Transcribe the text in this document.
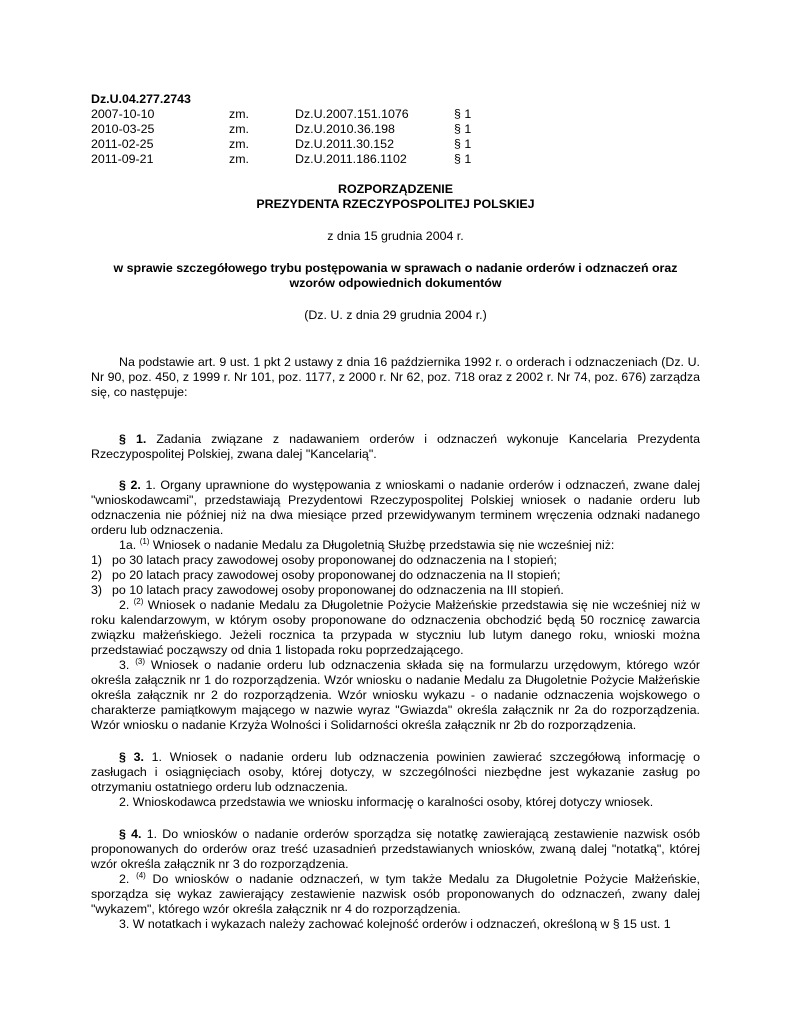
Dz.U.04.277.2743
2007-10-10	zm.	Dz.U.2007.151.1076	§ 1
2010-03-25	zm.	Dz.U.2010.36.198	§ 1
2011-02-25	zm.	Dz.U.2011.30.152	§ 1
2011-09-21	zm.	Dz.U.2011.186.1102	§ 1
ROZPORZĄDZENIE
PREZYDENTA RZECZYPOSPOLITEJ POLSKIEJ
z dnia 15 grudnia 2004 r.
w sprawie szczegółowego trybu postępowania w sprawach o nadanie orderów i odznaczeń oraz wzorów odpowiednich dokumentów
(Dz. U. z dnia 29 grudnia 2004 r.)

Na podstawie art. 9 ust. 1 pkt 2 ustawy z dnia 16 października 1992 r. o orderach i odznaczeniach (Dz. U. Nr 90, poz. 450, z 1999 r. Nr 101, poz. 1177, z 2000 r. Nr 62, poz. 718 oraz z 2002 r. Nr 74, poz. 676) zarządza się, co następuje:

§ 1. Zadania związane z nadawaniem orderów i odznaczeń wykonuje Kancelaria Prezydenta Rzeczypospolitej Polskiej, zwana dalej "Kancelarią".

§ 2. 1. Organy uprawnione do występowania z wnioskami o nadanie orderów i odznaczeń, zwane dalej "wnioskodawcami", przedstawiają Prezydentowi Rzeczypospolitej Polskiej wniosek o nadanie orderu lub odznaczenia nie później niż na dwa miesiące przed przewidywanym terminem wręczenia odznaki nadanego orderu lub odznaczenia.

1a. $^{(1)}$ Wniosek o nadanie Medalu za Długoletnią Służbę przedstawia się nie wcześniej niż:

1) po 30 latach pracy zawodowej osoby proponowanej do odznaczenia na I stopień;

2) po 20 latach pracy zawodowej osoby proponowanej do odznaczenia na II stopień;

3) po 10 latach pracy zawodowej osoby proponowanej do odznaczenia na III stopień.

2. $^{(2)}$ Wniosek o nadanie Medalu za Długoletnie Pożycie Małżeńskie przedstawia się nie wcześniej niż w roku kalendarzowym, w którym osoby proponowane do odznaczenia obchodzić będą 50 rocznicę zawarcia związku małżeńskiego. Jeżeli rocznica ta przypada w styczniu lub lutym danego roku, wnioski można przedstawiać począwszy od dnia 1 listopada roku poprzedzającego.

3. $^{(3)}$ Wniosek o nadanie orderu lub odznaczenia składa się na formularzu urzędowym, którego wzór określa załącznik nr 1 do rozporządzenia. Wzór wniosku o nadanie Medalu za Długoletnie Pożycie Małżeńskie określa załącznik nr 2 do rozporządzenia. Wzór wniosku wykazu - o nadanie odznaczenia wojskowego o charakterze pamiątkowym mającego w nazwie wyraz "Gwiazda" określa załącznik nr 2a do rozporządzenia. Wzór wniosku o nadanie Krzyża Wolności i Solidarności określa załącznik nr 2b do rozporządzenia.

§ 3. 1. Wniosek o nadanie orderu lub odznaczenia powinien zawierać szczegółową informację o zasługach i osiągnięciach osoby, której dotyczy, w szczególności niezbędne jest wykazanie zasług po otrzymaniu ostatniego orderu lub odznaczenia.

2. Wnioskodawca przedstawia we wniosku informację o karalności osoby, której dotyczy wniosek.

§ 4. 1. Do wniosków o nadanie orderów sporządza się notatkę zawierającą zestawienie nazwisk osób proponowanych do orderów oraz treść uzasadnień przedstawianych wniosków, zwaną dalej "notatką", której wzór określa załącznik nr 3 do rozporządzenia.

2. $^{(4)}$ Do wniosków o nadanie odznaczeń, w tym także Medalu za Długoletnie Pożycie Małżeńskie, sporządza się wykaz zawierający zestawienie nazwisk osób proponowanych do odznaczeń, zwany dalej "wykazem", którego wzór określa załącznik nr 4 do rozporządzenia.

3. W notatkach i wykazach należy zachować kolejność orderów i odznaczeń, określoną w § 15 ust. 1
